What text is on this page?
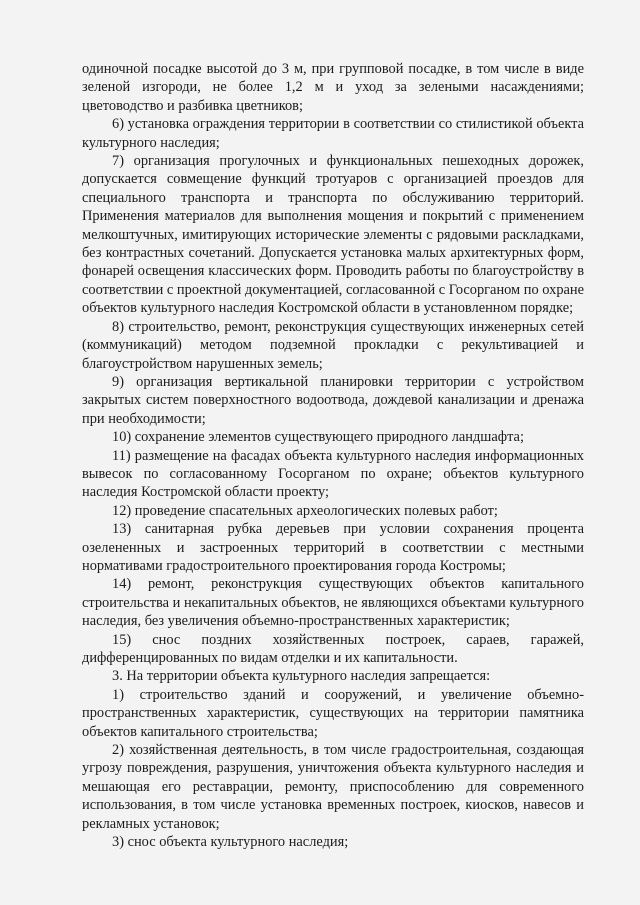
одиночной посадке высотой до 3 м, при групповой посадке, в том числе в виде зеленой изгороди, не более 1,2 м и уход за зелеными насаждениями; цветоводство и разбивка цветников;

6) установка ограждения территории в соответствии со стилистикой объекта культурного наследия;

7) организация прогулочных и функциональных пешеходных дорожек, допускается совмещение функций тротуаров с организацией проездов для специального транспорта и транспорта по обслуживанию территорий. Применения материалов для выполнения мощения и покрытий с применением мелкоштучных, имитирующих исторические элементы с рядовыми раскладками, без контрастных сочетаний. Допускается установка малых архитектурных форм, фонарей освещения классических форм. Проводить работы по благоустройству в соответствии с проектной документацией, согласованной с Госорганом по охране объектов культурного наследия Костромской области в установленном порядке;

8) строительство, ремонт, реконструкция существующих инженерных сетей (коммуникаций) методом подземной прокладки с рекультивацией и благоустройством нарушенных земель;

9) организация вертикальной планировки территории с устройством закрытых систем поверхностного водоотвода, дождевой канализации и дренажа при необходимости;

10) сохранение элементов существующего природного ландшафта;

11) размещение на фасадах объекта культурного наследия информационных вывесок по согласованному Госорганом по охране; объектов культурного наследия Костромской области проекту;

12) проведение спасательных археологических полевых работ;

13) санитарная рубка деревьев при условии сохранения процента озелененных и застроенных территорий в соответствии с местными нормативами градостроительного проектирования города Костромы;

14) ремонт, реконструкция существующих объектов капитального строительства и некапитальных объектов, не являющихся объектами культурного наследия, без увеличения объемно-пространственных характеристик;

15) снос поздних хозяйственных построек, сараев, гаражей, дифференцированных по видам отделки и их капитальности.

3. На территории объекта культурного наследия запрещается:

1) строительство зданий и сооружений, и увеличение объемно-пространственных характеристик, существующих на территории памятника объектов капитального строительства;

2) хозяйственная деятельность, в том числе градостроительная, создающая угрозу повреждения, разрушения, уничтожения объекта культурного наследия и мешающая его реставрации, ремонту, приспособлению для современного использования, в том числе установка временных построек, киосков, навесов и рекламных установок;

3) снос объекта культурного наследия;
